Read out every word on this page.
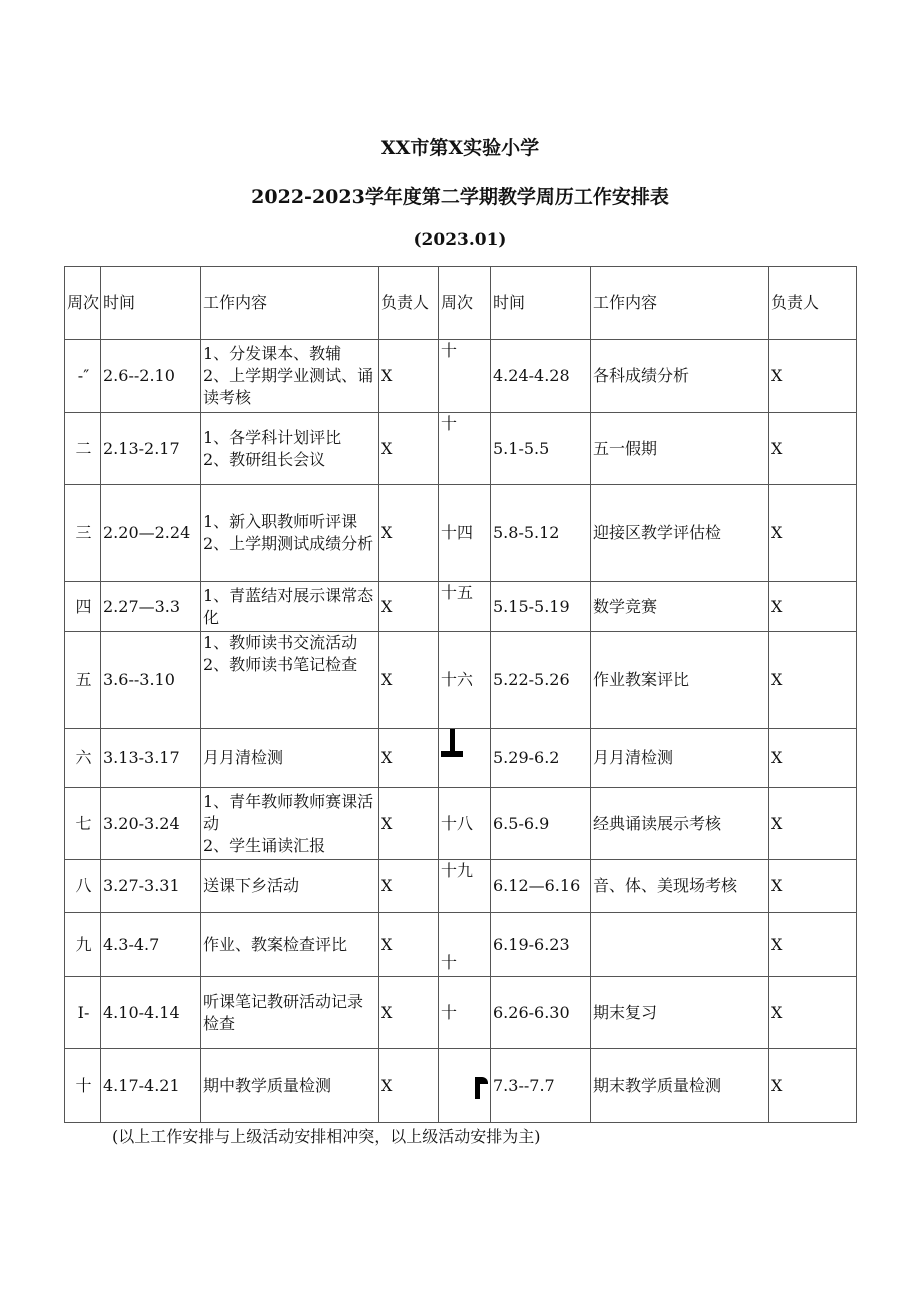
XX市第X实验小学
2022-2023学年度第二学期教学周历工作安排表
(2023.01)
周次	时间	工作内容	负责人	周次	时间	工作内容	负责人
-″	2.6--2.10	1、分发课本、教辅
2、上学期学业测试、诵读考核	X	十	4.24-4.28	各科成绩分析	X
二	2.13-2.17	1、各学科计划评比
2、教研组长会议	X	十	5.1-5.5	五一假期	X
三	2.20—2.24	1、新入职教师听评课
2、上学期测试成绩分析	X	十四	5.8-5.12	迎接区教学评估检	X
四	2.27—3.3	1、青蓝结对展示课常态化	X	十五	5.15-5.19	数学竞赛	X
五	3.6--3.10	1、教师读书交流活动
2、教师读书笔记检查	X	十六	5.22-5.26	作业教案评比	X
六	3.13-3.17	月月清检测	X		5.29-6.2	月月清检测	X
七	3.20-3.24	1、青年教师教师赛课活动
2、学生诵读汇报	X	十八	6.5-6.9	经典诵读展示考核	X
八	3.27-3.31	送课下乡活动	X	十九	6.12—6.16	音、体、美现场考核	X
九	4.3-4.7	作业、教案检查评比	X	十	6.19-6.23		X
I-	4.10-4.14	听课笔记教研活动记录检查	X	十	6.26-6.30	期末复习	X
十	4.17-4.21	期中教学质量检测	X		7.3--7.7	期末教学质量检测	X
(以上工作安排与上级活动安排相冲突，以上级活动安排为主)
